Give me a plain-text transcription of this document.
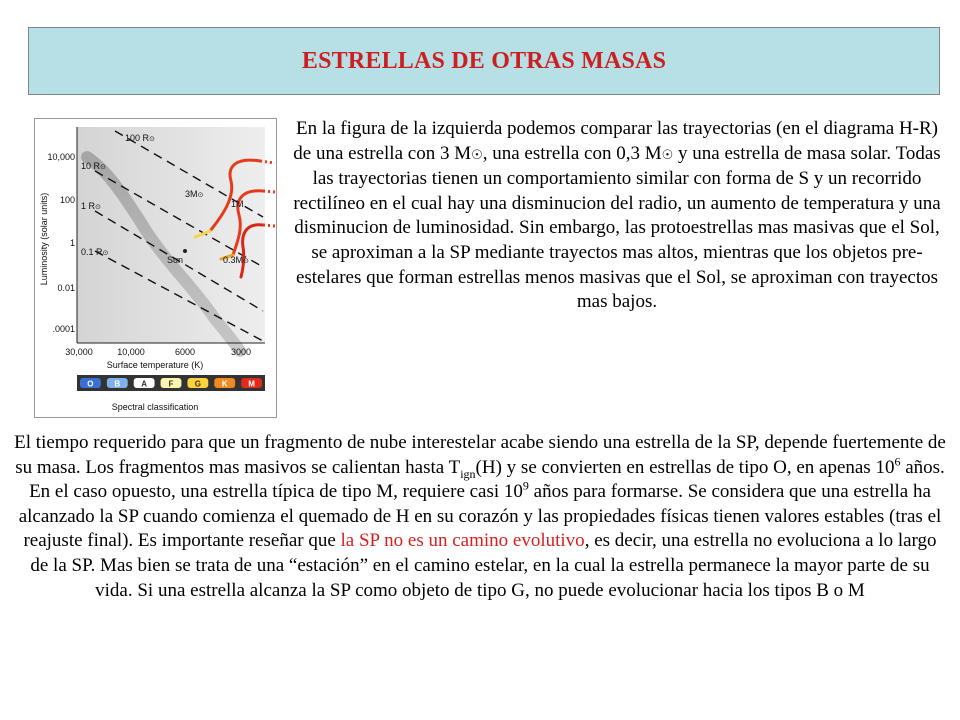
ESTRELLAS DE OTRAS MASAS
100 R⊙
10 R⊙
1 R⊙
0.1 R⊙
3M⊙
1M
0.3M⊙
Sun
10,000
100
1
0.01
.0001
Luminosity (solar units)
30,000	10,000	6000	3000
Surface temperature (K)
O	B	A	F	G	K	M
Spectral classification
En la figura de la izquierda podemos comparar las trayectorias (en el diagrama H-R) de una estrella con 3 M☉, una estrella con 0,3 M☉ y una estrella de masa solar. Todas las trayectorias tienen un comportamiento similar con forma de S y un recorrido rectilíneo en el cual hay una disminucion del radio, un aumento de temperatura y una disminucion de luminosidad. Sin embargo, las protoestrellas mas masivas que el Sol, se aproximan a la SP mediante trayectos mas altos, mientras que los objetos pre-estelares que forman estrellas menos masivas que el Sol, se aproximan con trayectos mas bajos.
El tiempo requerido para que un fragmento de nube interestelar acabe siendo una estrella de la SP, depende fuertemente de su masa. Los fragmentos mas masivos se calientan hasta $T_{ign}(H)$ y se convierten en estrellas de tipo O, en apenas $10^6$ años. En el caso opuesto, una estrella típica de tipo M, requiere casi $10^9$ años para formarse. Se considera que una estrella ha alcanzado la SP cuando comienza el quemado de H en su corazón y las propiedades físicas tienen valores estables (tras el reajuste final). Es importante reseñar que la SP no es un camino evolutivo, es decir, una estrella no evoluciona a lo largo de la SP. Mas bien se trata de una “estación” en el camino estelar, en la cual la estrella permanece la mayor parte de su vida. Si una estrella alcanza la SP como objeto de tipo G, no puede evolucionar hacia los tipos B o M
